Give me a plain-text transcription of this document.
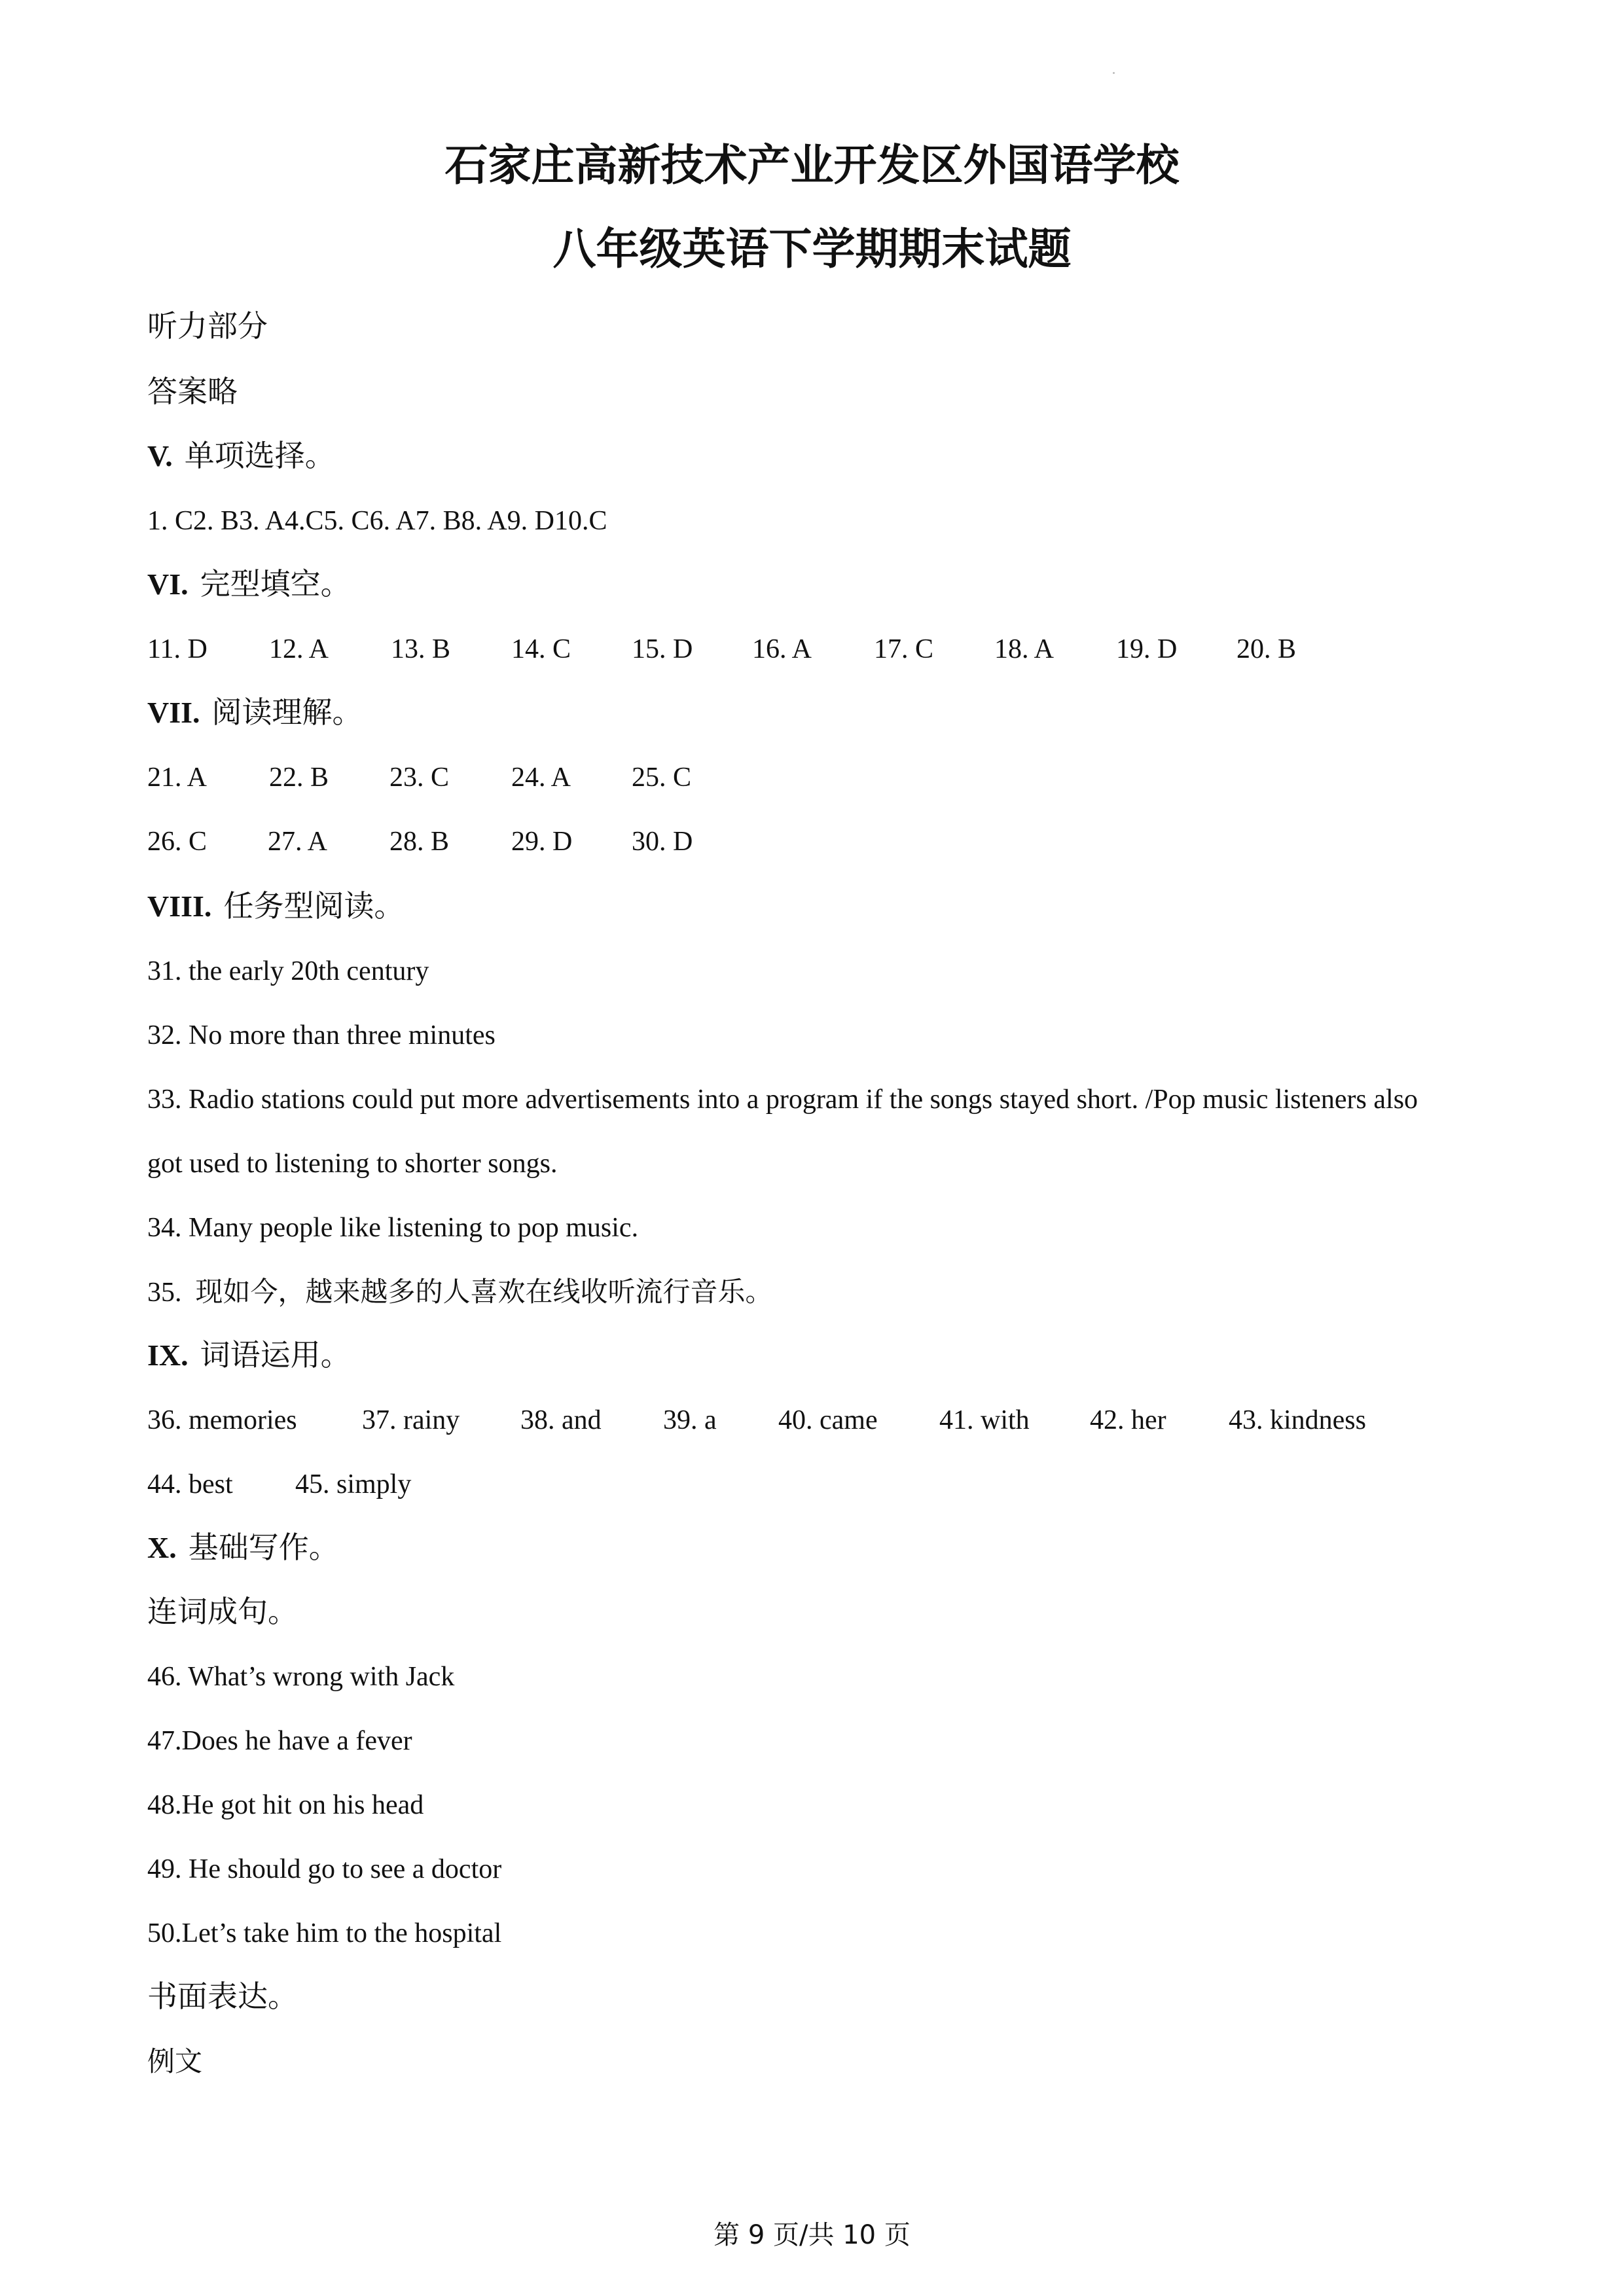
石家庄高新技术产业开发区外国语学校
八年级英语下学期期末试题
听力部分
答案略
V. 单项选择。
1. C2. B3. A4.C5. C6. A7. B8. A9. D10.C
VI. 完型填空。
11. D 12. A 13. B 14. C 15. D 16. A 17. C 18. A 19. D 20. B
VII. 阅读理解。
21. A 22. B 23. C 24. A 25. C
26. C 27. A 28. B 29. D 30. D
VIII. 任务型阅读。
31. the early 20th century
32. No more than three minutes
33. Radio stations could put more advertisements into a program if the songs stayed short. /Pop music listeners also
got used to listening to shorter songs.
34. Many people like listening to pop music.
35. 现如今，越来越多的人喜欢在线收听流行音乐。
IX. 词语运用。
36. memories 37. rainy 38. and 39. a 40. came 41. with 42. her 43. kindness
44. best 45. simply
X. 基础写作。
连词成句。
46. What’s wrong with Jack
47.Does he have a fever
48.He got hit on his head
49. He should go to see a doctor
50.Let’s take him to the hospital
书面表达。
例文
第 9 页/共 10 页
